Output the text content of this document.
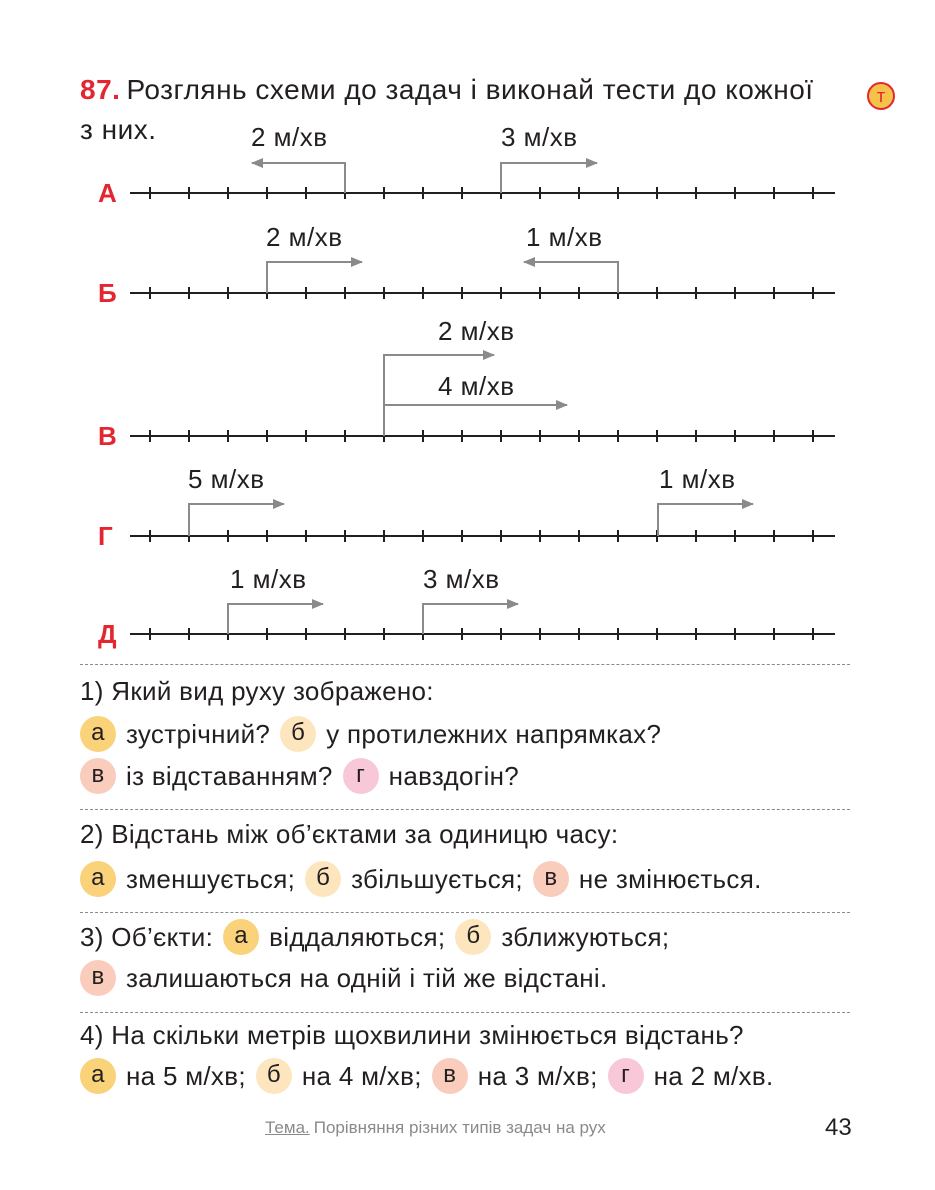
87. Розглянь схеми до задач і виконай тести до кожної
з них.
т
А
Б
В
Г
Д
2 м/хв	3 м/хв
2 м/хв	1 м/хв
2 м/хв
4 м/хв
5 м/хв	1 м/хв
1 м/хв	3 м/хв
1) Який вид руху зображено:
а зустрічний? б у протилежних напрямках?
в із відставанням? г навздогін?
2) Відстань між об’єктами за одиницю часу:
а зменшується; б збільшується; в не змінюється.
3) Об’єкти: а віддаляються; б зближуються;
в залишаються на одній і тій же відстані.
4) На скільки метрів щохвилини змінюється відстань?
а на 5 м/хв; б на 4 м/хв; в на 3 м/хв; г на 2 м/хв.
Тема. Порівняння різних типів задач на рух	43
